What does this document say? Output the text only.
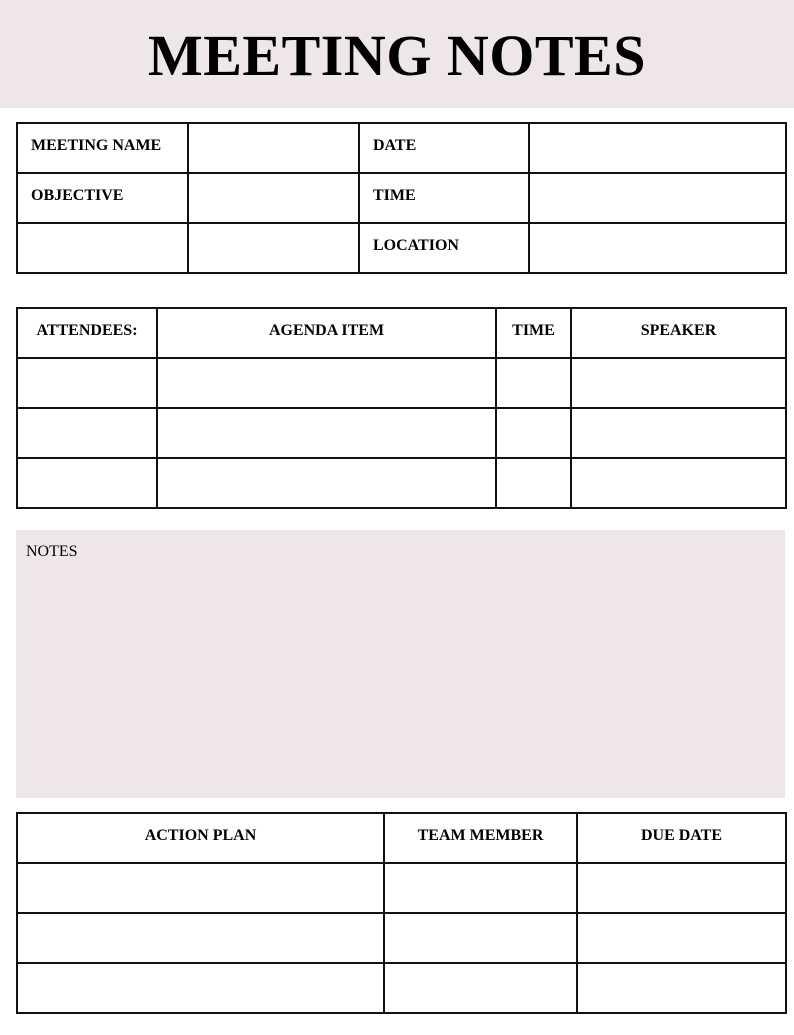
MEETING NOTES
MEETING NAME		DATE	

OBJECTIVE		TIME	

		LOCATION	

ATTENDEES:	AGENDA ITEM	TIME	SPEAKER

NOTES
ACTION PLAN	TEAM MEMBER	DUE DATE
